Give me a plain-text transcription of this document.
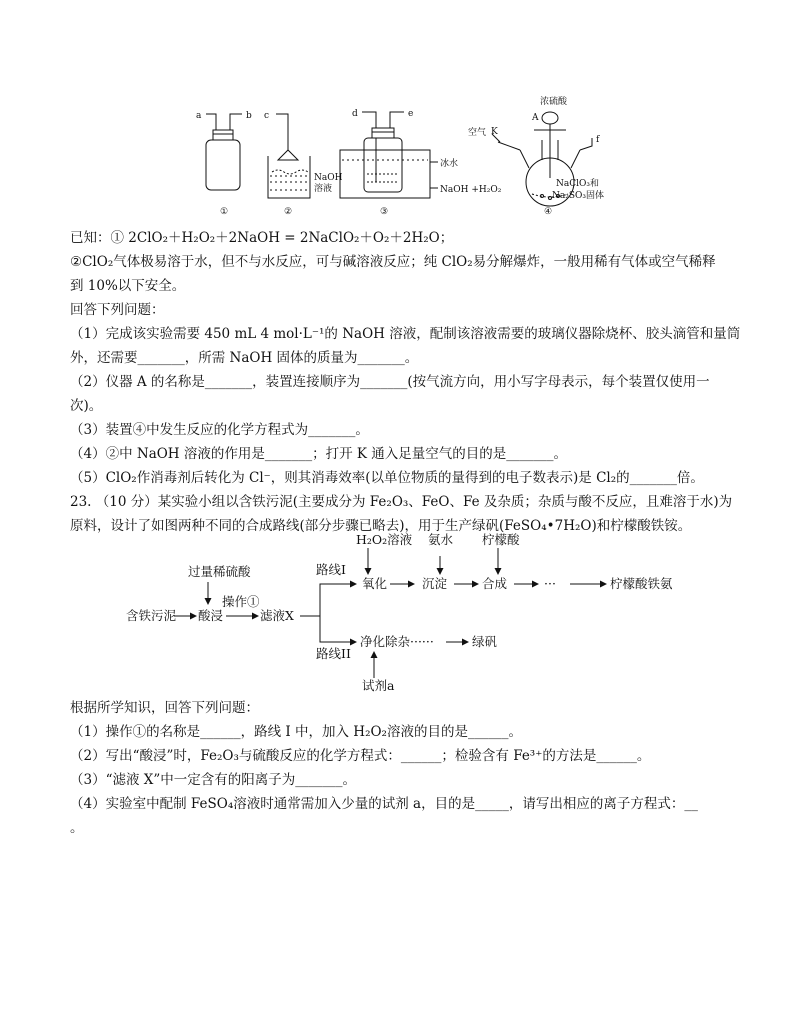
a	b c	d	e
f
A
K
浓硫酸
空气
NaOH
溶液
冰水
NaOH +H₂O₂
NaClO₃和
Na₂SO₃固体
①	②	③	④
已知：① 2ClO₂＋H₂O₂＋2NaOH = 2NaClO₂＋O₂＋2H₂O；
②ClO₂气体极易溶于水，但不与水反应，可与碱溶液反应；纯 ClO₂易分解爆炸，一般用稀有气体或空气稀释
到 10%以下安全。
回答下列问题：
（1）完成该实验需要 450 mL 4 mol·L⁻¹的 NaOH 溶液，配制该溶液需要的玻璃仪器除烧杯、胶头滴管和量筒
外，还需要_______，所需 NaOH 固体的质量为_______。
（2）仪器 A 的名称是_______，装置连接顺序为_______(按气流方向，用小写字母表示，每个装置仅使用一
次)。
（3）装置④中发生反应的化学方程式为_______。
（4）②中 NaOH 溶液的作用是_______；打开 K 通入足量空气的目的是_______。
（5）ClO₂作消毒剂后转化为 Cl⁻，则其消毒效率(以单位物质的量得到的电子数表示)是 Cl₂的_______倍。
23. （10 分）某实验小组以含铁污泥(主要成分为 Fe₂O₃、FeO、Fe 及杂质；杂质与酸不反应，且难溶于水)为
原料，设计了如图两种不同的合成路线(部分步骤已略去)，用于生产绿矾(FeSO₄•7H₂O)和柠檬酸铁铵。
H₂O₂溶液 氨水 柠檬酸
路线I
氧化	沉淀	合成	···	柠檬酸铁氨
过量稀硫酸
操作①
含铁污泥 酸浸	滤液X
净化除杂······	绿矾
路线II
试剂a
根据所学知识，回答下列问题：
（1）操作①的名称是______，路线 I 中，加入 H₂O₂溶液的目的是______。
（2）写出“酸浸”时，Fe₂O₃与硫酸反应的化学方程式：______；检验含有 Fe³⁺的方法是______。
（3）“滤液 X”中一定含有的阳离子为_______。
（4）实验室中配制 FeSO₄溶液时通常需加入少量的试剂 a，目的是_____，请写出相应的离子方程式：__
。
